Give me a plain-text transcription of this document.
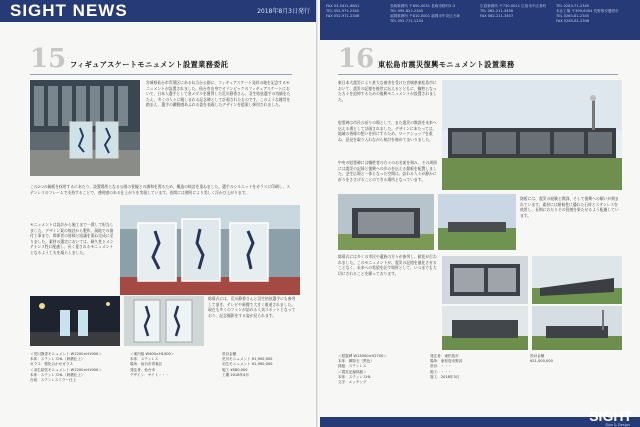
SIGHT NEWS	2018年8月3日発行
15 フィギュアスケートモニュメント設置業務委託
宮城県仙台市青葉区にある勾当台公園に、フィギュアスケート発祥の地を記念するモニュメントが設置されました。仙台市出身でオリンピックのフィギュアスケートにおいて、日本人選手として金メダルを獲得した荒川静香さん、羽生結弦選手の功績をたたえ、多くの人々に親しまれる記念碑として計画されたものです。このような趣旨を踏まえ、選手の躍動感あふれる姿を表現したデザインを提案し採用されました。
この2つの銅板を採用するにあたり、設置場所となる公園の景観との調和を図るため、構造の検討を重ねました。選手のシルエットをガラスに印刷し、ステンレスのフレームで支持することで、透明感のある仕上がりを実現しています。夜間には照明により美しく浮かび上がります。
モニュメントは設計から施工まで一貫して担当しました。デザイン案の検討から製作、現地での据付工事まで、関係者の皆様と協議を重ね完成に至りました。素材の選定においては、耐久性とメンテナンス性に配慮し、長く愛されるモニュメントとなるよう工夫を凝らしました。
除幕式には、荒川静香さんと羽生結弦選手にも参列して頂き、テレビや新聞で大きく報道されました。現在も多くのファンが訪れる人気スポットとなっており、記念撮影をする姿が見られます。
＜荒川静香モニュメント W1200×H1900＞
本体：ステンレスHL（研磨仕上）
ガラス：強化合わせガラス
＜羽生結弦モニュメント W1200×H1900＞
本体：ステンレスHL（研磨仕上）
台座：ステンレスミラー仕上
＜案内板 W400×H1000＞
本体：ステンレス
場所：仙台市青葉区
発注者：仙台市
デザイン：サイト・・・
設計金額
荒川モニュメント ¥1,900,000
羽生モニュメント ¥1,900,000
施工 ¥580,000
工期 2018年4月
FAX 03-5411-6841
TEL 052-971-2345
FAX 052-971-2346
長崎事務所 〒850-0031 長崎市桜町5-3
TEL 095-821-2345
福岡事務所 〒810-0001 福岡市中央区天神
TEL 092-711-1234
広島事務所 〒730-0011 広島市中区基町
TEL 082-211-3456
FAX 082-211-3457
TEL 0263-71-2345
本社工場 〒399-8304 長野県安曇野市
TEL 0263-81-2345
FAX 0263-81-2346
16 東松島市震災復興モニュメント設置業務
東日本大震災により甚大な被害を受けた宮城県東松島市において、震災の記憶を後世に伝えるとともに、犠牲となった方々を追悼するための復興モニュメントが設置されました。
慰霊碑は市民の祈りの場として、また震災の教訓を未来へ伝える場として計画されました。デザインにあたっては、地域の皆様の想いを形にするため、ワークショップを重ね、意見を取り入れながら検討を進めてまいりました。
中央の慰霊碑には犠牲者の方々のお名前を刻み、その周囲には震災の記録と復興への歩みを伝える銘板を配置しました。芝生広場と一体となった空間は、訪れる人々が静かに祈りをささげることのできる場所となっています。
銘板には、震災の経験と教訓、そして復興への願いが刻まれています。素材には耐候性に優れた石材とステンレスを使用し、長期にわたりその役割を果たせるよう配慮しています。
除幕式には多くの市民や遺族の方々が参列し、献花が行われました。このモニュメントが、震災の記憶を風化させることなく、未来への希望を託す場所として、いつまでも大切にされることを願っております。
＜慰霊碑 W13000×H2700＞
本体：御影石（黒色）
銘板：ステンレス
＜震災記録銘板＞
本体：ステンレスHL
文字：エッチング
発注者：東松島市
場所：東松島市野蒜
設計：・・・
施工：・・・
竣工：2018年3月
設計金額
¥21,000,000
SIGHT
Sign & Design
